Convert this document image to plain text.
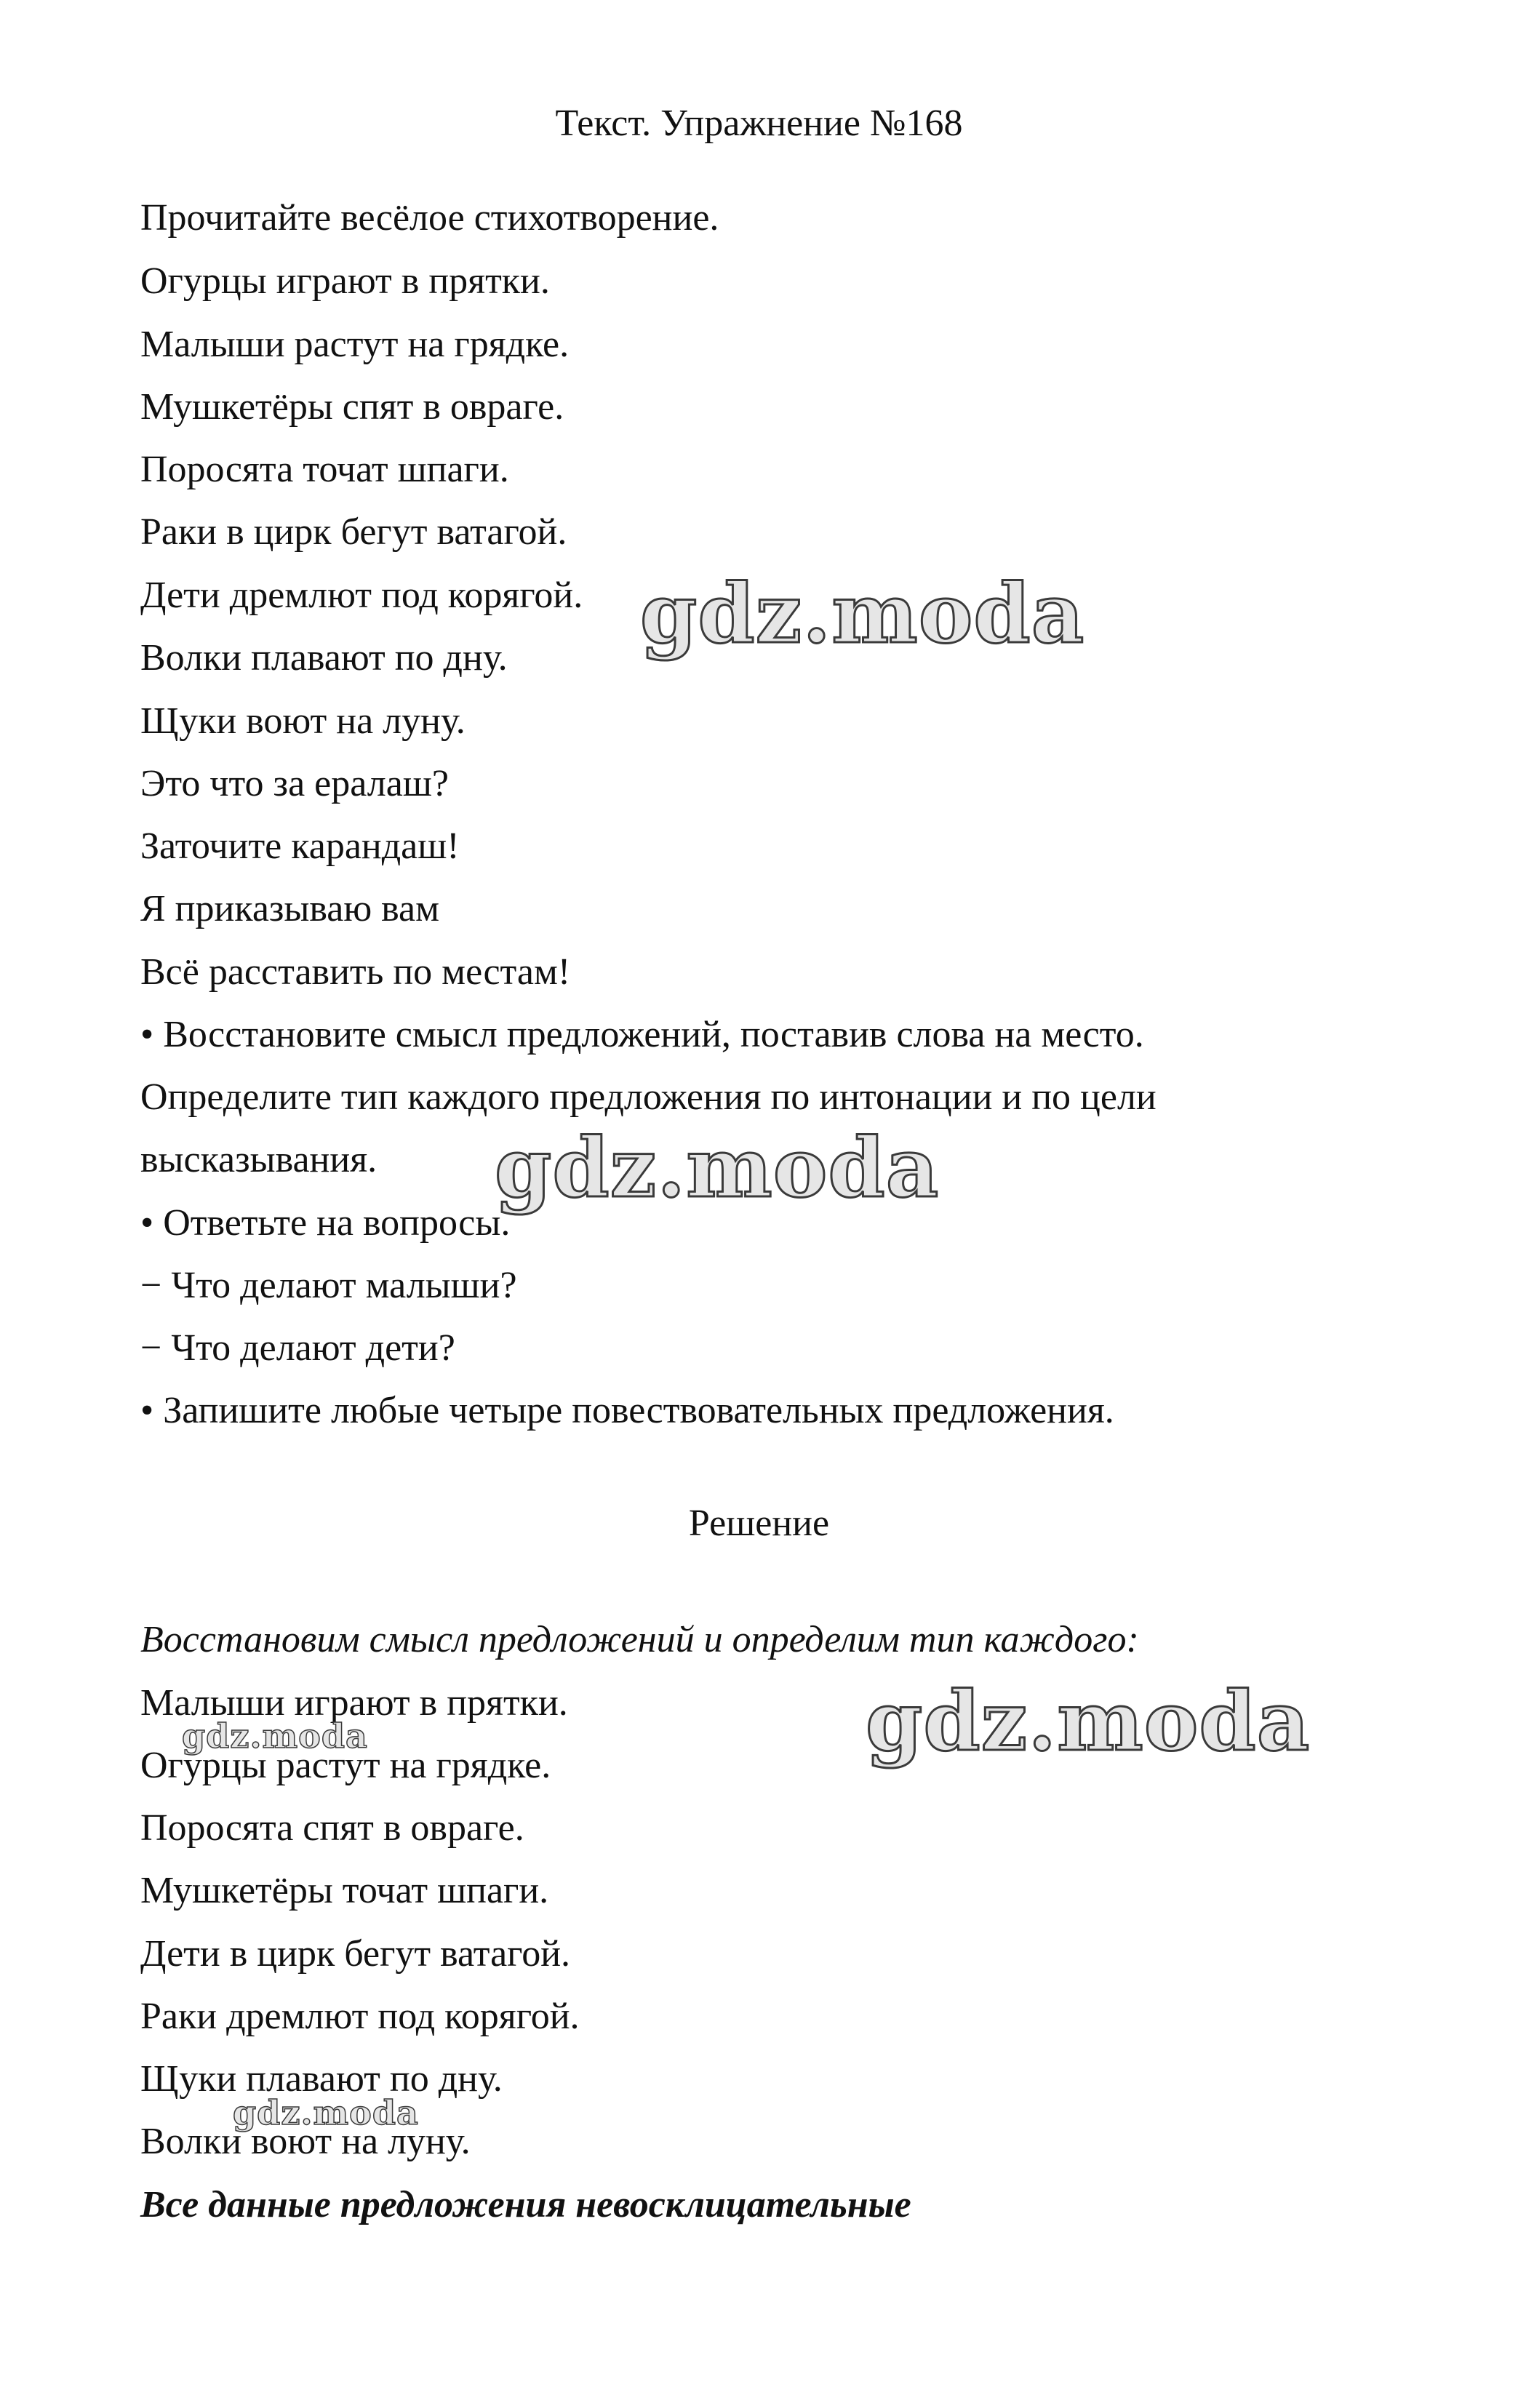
Текст. Упражнение №168
Прочитайте весёлое стихотворение.
Огурцы играют в прятки.
Малыши растут на грядке.
Мушкетёры спят в овраге.
Поросята точат шпаги.
Раки в цирк бегут ватагой.
Дети дремлют под корягой.
Волки плавают по дну.
Щуки воют на луну.
Это что за ералаш?
Заточите карандаш!
Я приказываю вам
Всё расставить по местам!
• Восстановите смысл предложений, поставив слова на место.
Определите тип каждого предложения по интонации и по цели
высказывания.
• Ответьте на вопросы.
− Что делают малыши?
− Что делают дети?
• Запишите любые четыре повествовательных предложения.
Решение
Восстановим смысл предложений и определим тип каждого:
Малыши играют в прятки.
Огурцы растут на грядке.
Поросята спят в овраге.
Мушкетёры точат шпаги.
Дети в цирк бегут ватагой.
Раки дремлют под корягой.
Щуки плавают по дну.
Волки воют на луну.
Все данные предложения невосклицательные
gdz.moda
gdz.moda
gdz.moda
gdz.moda
gdz.moda
